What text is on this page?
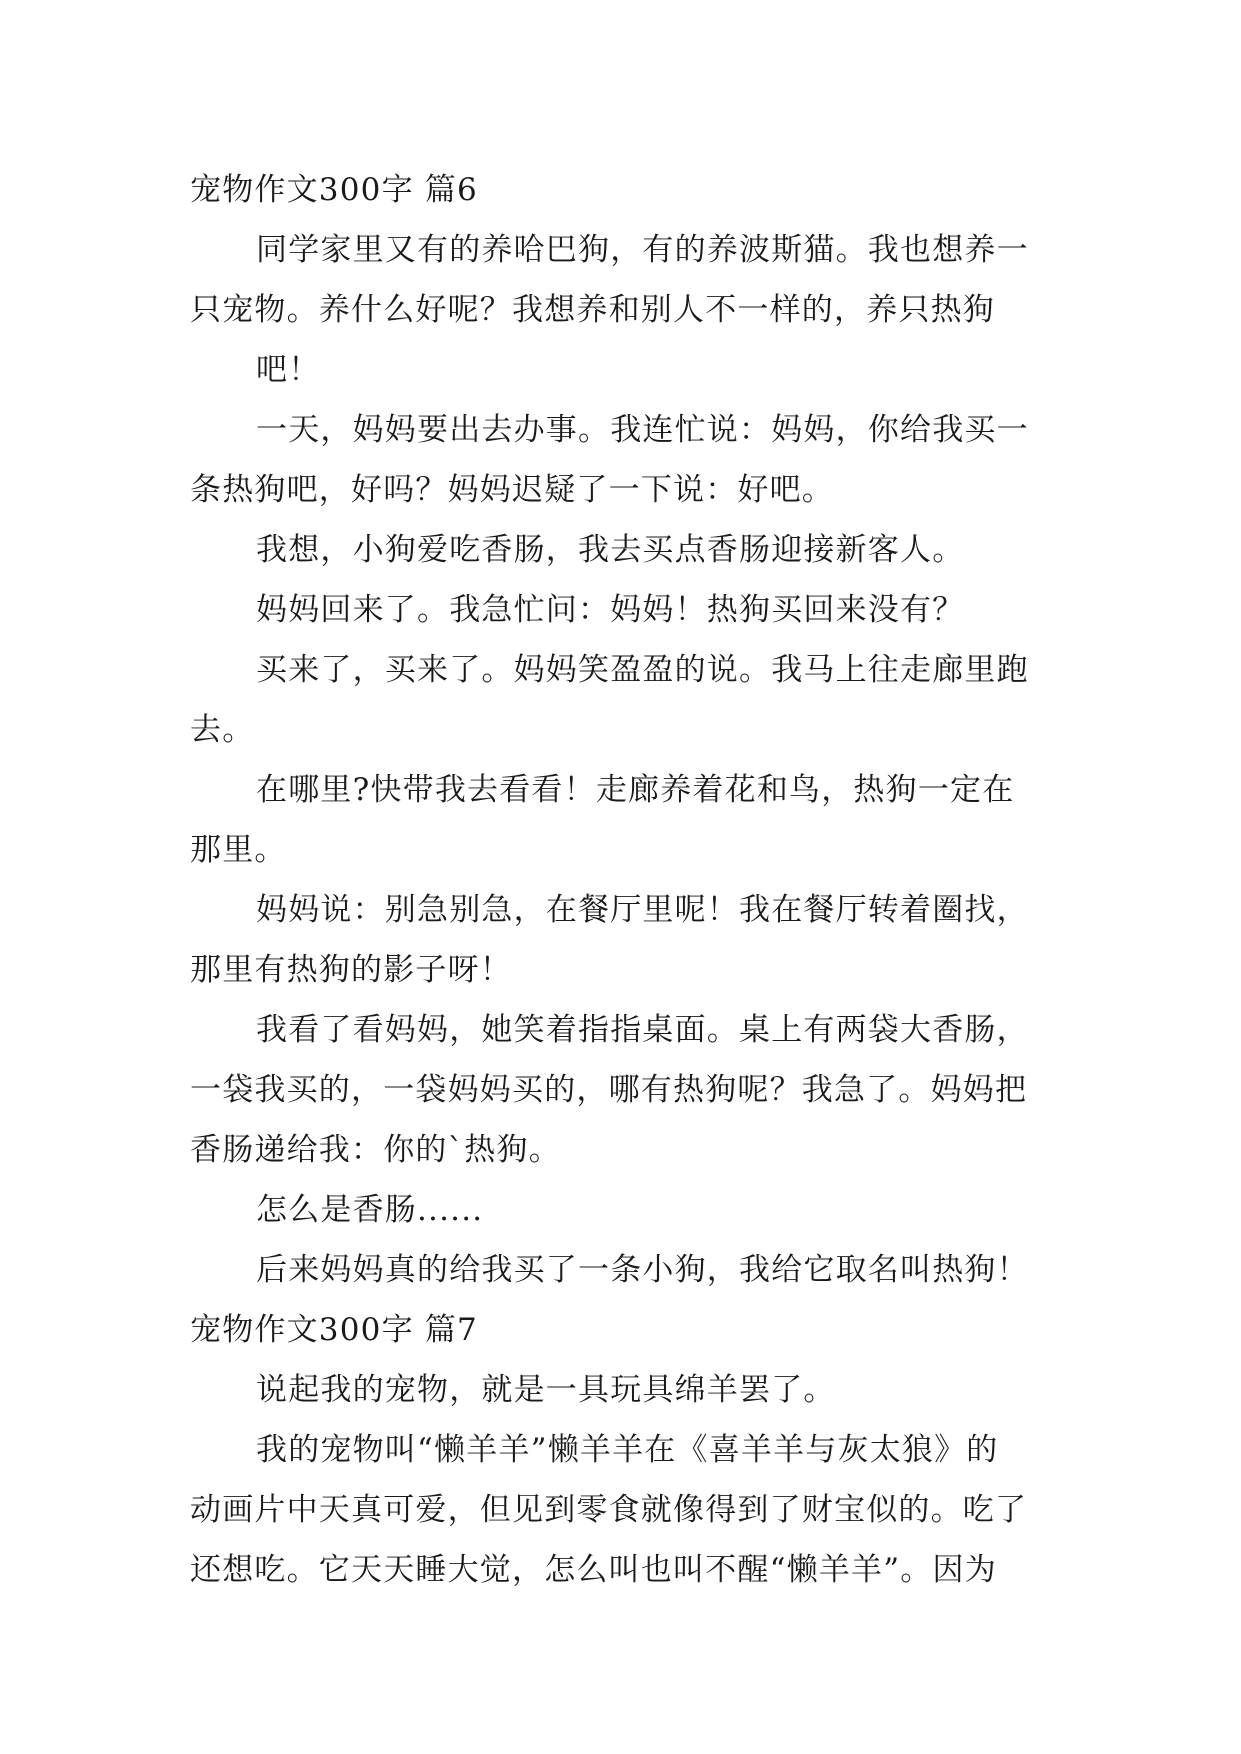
宠物作文300字 篇6
同学家里又有的养哈巴狗，有的养波斯猫。我也想养一
只宠物。养什么好呢？我想养和别人不一样的，养只热狗
吧！
一天，妈妈要出去办事。我连忙说：妈妈，你给我买一
条热狗吧，好吗？妈妈迟疑了一下说：好吧。
我想，小狗爱吃香肠，我去买点香肠迎接新客人。
妈妈回来了。我急忙问：妈妈！热狗买回来没有？
买来了，买来了。妈妈笑盈盈的说。我马上往走廊里跑
去。
在哪里?快带我去看看！走廊养着花和鸟，热狗一定在
那里。
妈妈说：别急别急，在餐厅里呢！我在餐厅转着圈找，
那里有热狗的影子呀！
我看了看妈妈，她笑着指指桌面。桌上有两袋大香肠，
一袋我买的，一袋妈妈买的，哪有热狗呢？我急了。妈妈把
香肠递给我：你的`热狗。
怎么是香肠......
后来妈妈真的给我买了一条小狗，我给它取名叫热狗！
宠物作文300字 篇7
说起我的宠物，就是一具玩具绵羊罢了。
我的宠物叫“懒羊羊”懒羊羊在《喜羊羊与灰太狼》的
动画片中天真可爱，但见到零食就像得到了财宝似的。吃了
还想吃。它天天睡大觉，怎么叫也叫不醒“懒羊羊”。因为
